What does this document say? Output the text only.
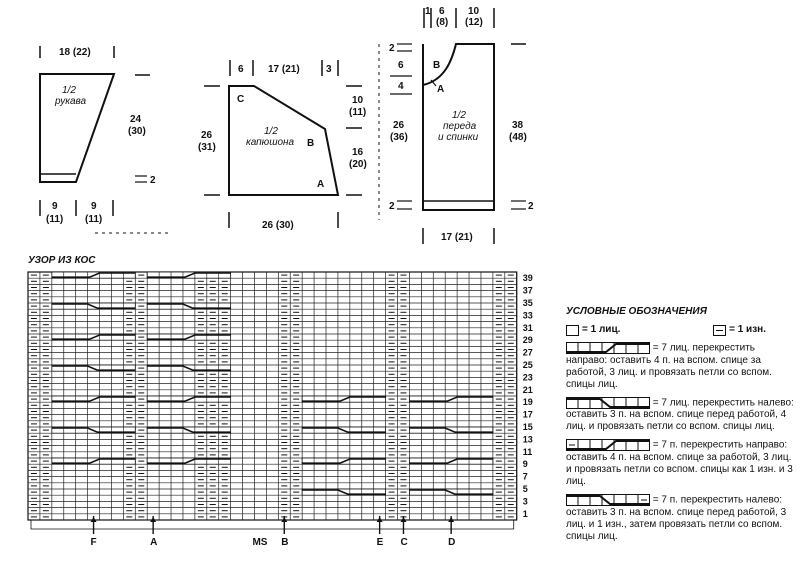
18 (22)
1/2
рукава
24
(30)
2
9
(11)
9
(11)
6 17 (21)	3
26
(31)
1/2
капюшона
C
B
A
10
(11)
16
(20)
26 (30)
1 6
(8)
10
(12)
2
6
4
26
(36)
2
B
A
1/2
переда
и спинки
38
(48)
2
17 (21)
39
37
35
33
31
29
27
25
23
21
19
17
15
13
11
9
7
5
3
1
F	A	MS B	E C	D
УЗОР ИЗ КОС
УСЛОВНЫЕ ОБОЗНАЧЕНИЯ
= 1 лиц.	= 1 изн.
= 7 лиц. перекрестить направо: оставить 4 п. на вспом. спице за работой, 3 лиц. и провязать петли со вспом. спицы лиц.
= 7 лиц. перекрестить налево: оставить 3 п. на вспом. спице перед работой, 4 лиц. и провязать петли со вспом. спицы лиц.
= 7 п. перекрестить направо: оставить 4 п. на вспом. спице за работой, 3 лиц. и провязать петли со вспом. спицы как 1 изн. и 3 лиц.
= 7 п. перекрестить налево: оставить 3 п. на вспом. спице перед работой, 3 лиц. и 1 изн., затем провязать петли со вспом. спицы лиц.
